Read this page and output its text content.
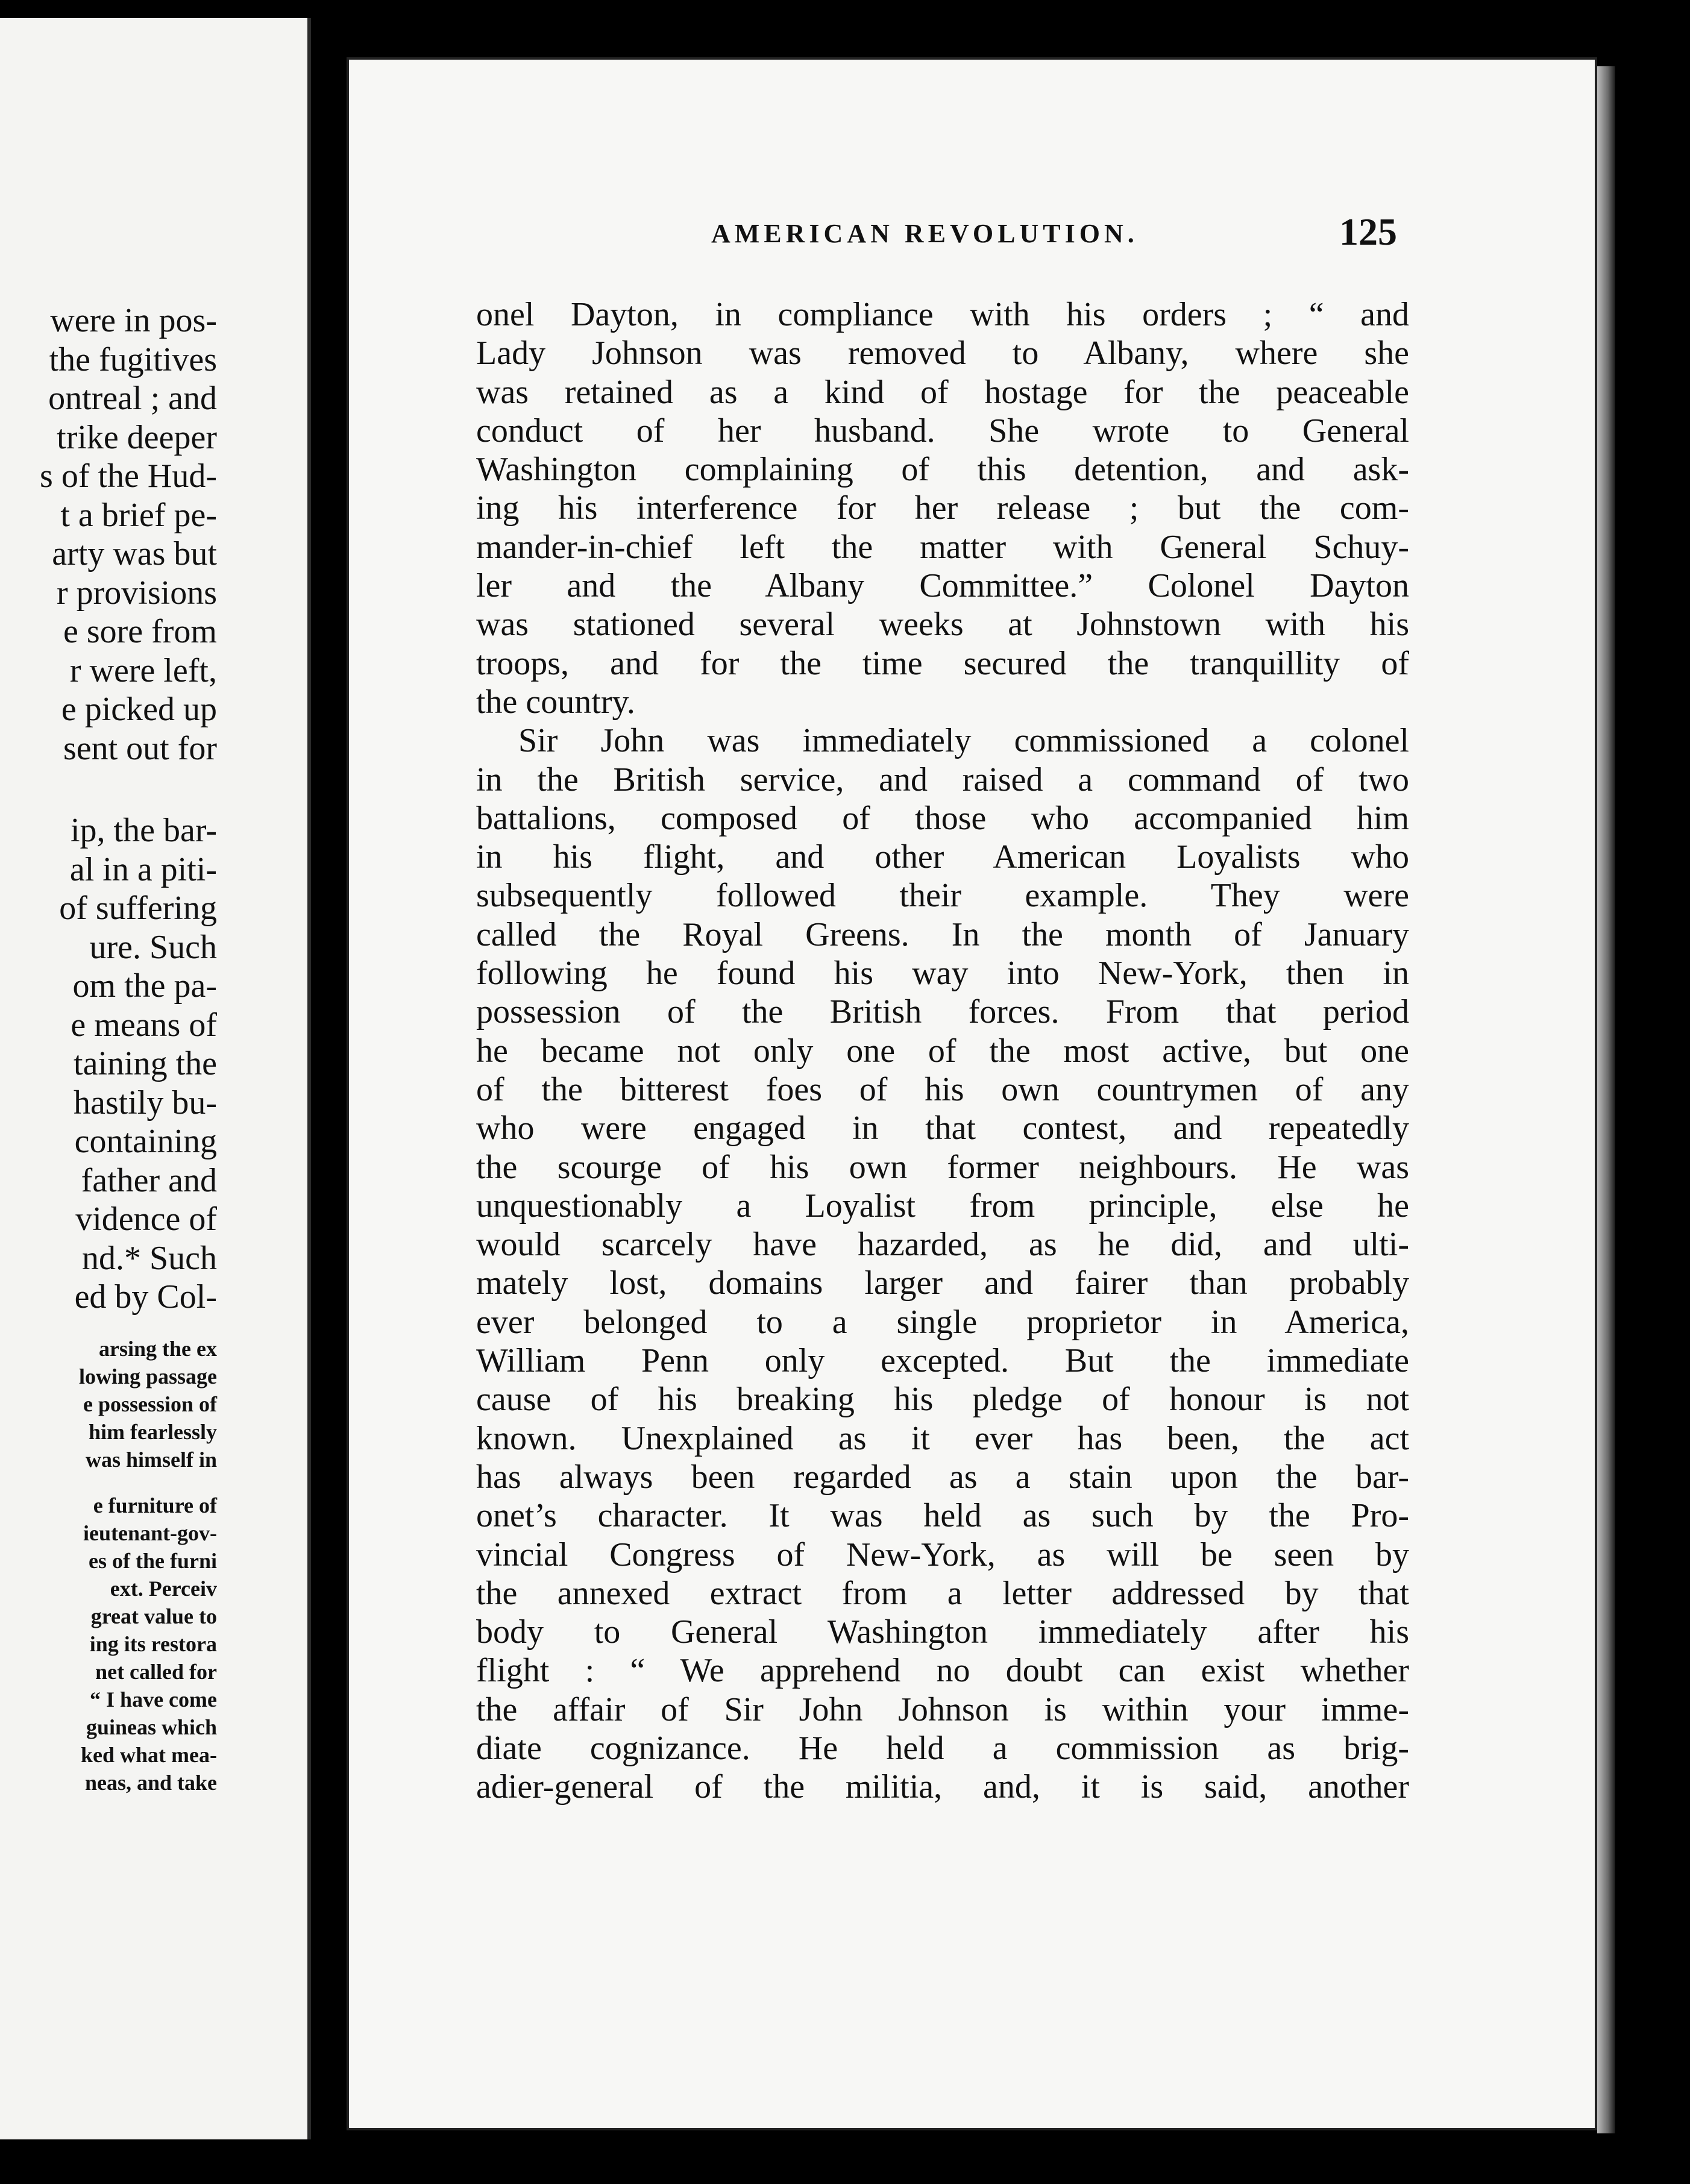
were in pos-
the fugitives
ontreal ; and
trike deeper
s of the Hud-
t a brief pe-
arty was but
r provisions
e sore from
r were left,
e picked up
sent out for
ip, the bar-
al in a piti-
of suffering
ure. Such
om the pa-
e means of
taining the
hastily bu-
containing
father and
vidence of
nd.* Such
ed by Col-
arsing the ex
lowing passage
e possession of
him fearlessly
was himself in
e furniture of
ieutenant-gov-
es of the furni
ext. Perceiv
great value to
ing its restora
net called for
“ I have come
guineas which
ked what mea-
neas, and take
AMERICAN REVOLUTION.	125
onel Dayton, in compliance with his orders ; “ and
Lady Johnson was removed to Albany, where she
was retained as a kind of hostage for the peaceable
conduct of her husband. She wrote to General
Washington complaining of this detention, and ask-
ing his interference for her release ; but the com-
mander-in-chief left the matter with General Schuy-
ler and the Albany Committee.” Colonel Dayton
was stationed several weeks at Johnstown with his
troops, and for the time secured the tranquillity of
the country.
Sir John was immediately commissioned a colonel
in the British service, and raised a command of two
battalions, composed of those who accompanied him
in his flight, and other American Loyalists who
subsequently followed their example. They were
called the Royal Greens. In the month of January
following he found his way into New-York, then in
possession of the British forces. From that period
he became not only one of the most active, but one
of the bitterest foes of his own countrymen of any
who were engaged in that contest, and repeatedly
the scourge of his own former neighbours. He was
unquestionably a Loyalist from principle, else he
would scarcely have hazarded, as he did, and ulti-
mately lost, domains larger and fairer than probably
ever belonged to a single proprietor in America,
William Penn only excepted. But the immediate
cause of his breaking his pledge of honour is not
known. Unexplained as it ever has been, the act
has always been regarded as a stain upon the bar-
onet’s character. It was held as such by the Pro-
vincial Congress of New-York, as will be seen by
the annexed extract from a letter addressed by that
body to General Washington immediately after his
flight : “ We apprehend no doubt can exist whether
the affair of Sir John Johnson is within your imme-
diate cognizance. He held a commission as brig-
adier-general of the militia, and, it is said, another
